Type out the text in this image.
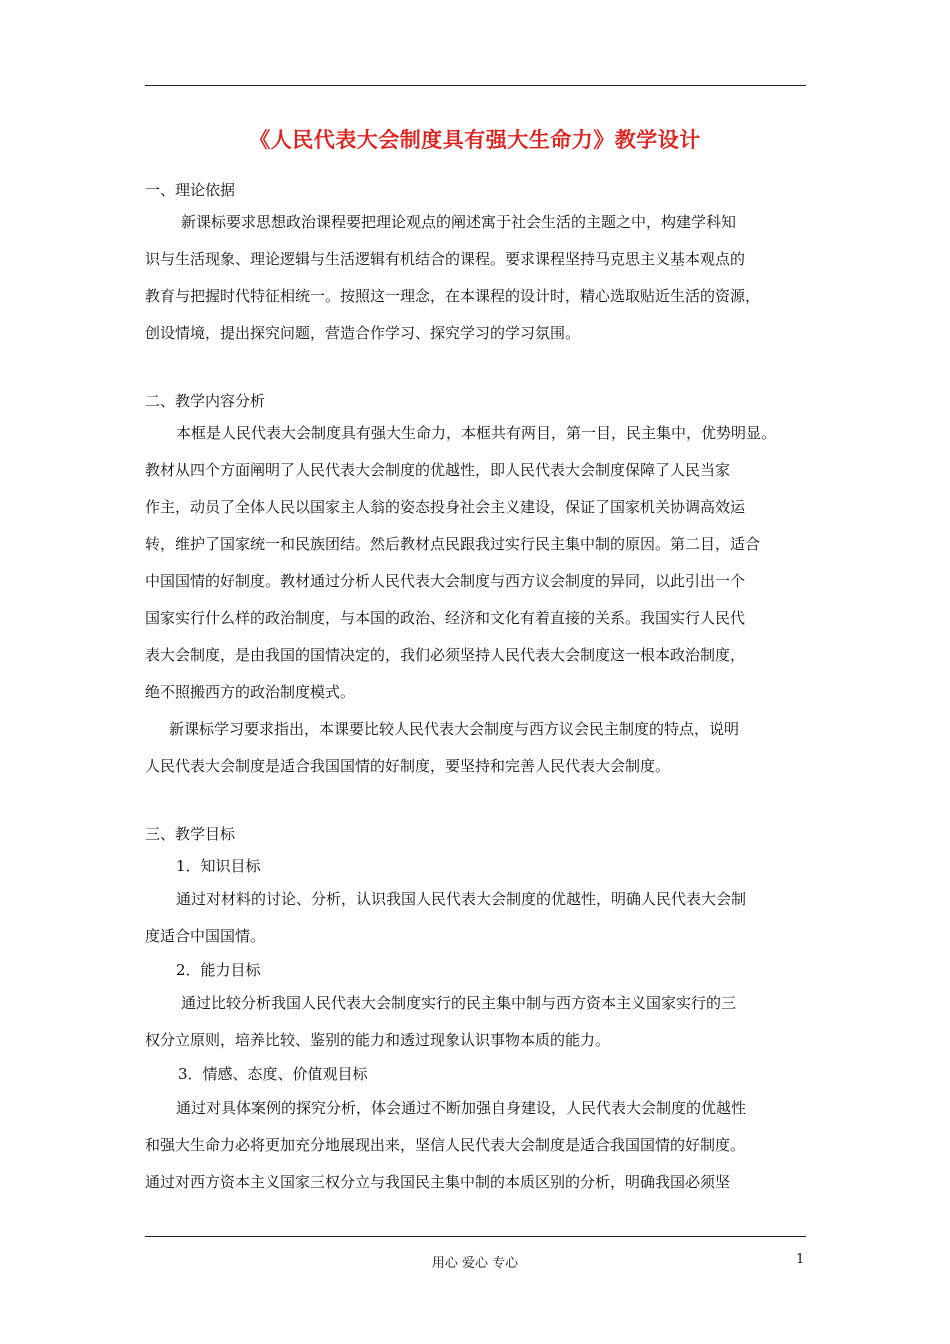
《人民代表大会制度具有强大生命力》教学设计
一、理论依据
新课标要求思想政治课程要把理论观点的阐述寓于社会生活的主题之中，构建学科知
识与生活现象、理论逻辑与生活逻辑有机结合的课程。要求课程坚持马克思主义基本观点的
教育与把握时代特征相统一。按照这一理念，在本课程的设计时，精心选取贴近生活的资源，
创设情境，提出探究问题，营造合作学习、探究学习的学习氛围。
二、教学内容分析
本框是人民代表大会制度具有强大生命力，本框共有两目，第一目，民主集中，优势明显。
教材从四个方面阐明了人民代表大会制度的优越性，即人民代表大会制度保障了人民当家
作主，动员了全体人民以国家主人翁的姿态投身社会主义建设，保证了国家机关协调高效运
转，维护了国家统一和民族团结。然后教材点民跟我过实行民主集中制的原因。第二目，适合
中国国情的好制度。教材通过分析人民代表大会制度与西方议会制度的异同，以此引出一个
国家实行什么样的政治制度，与本国的政治、经济和文化有着直接的关系。我国实行人民代
表大会制度，是由我国的国情决定的，我们必须坚持人民代表大会制度这一根本政治制度，
绝不照搬西方的政治制度模式。
新课标学习要求指出，本课要比较人民代表大会制度与西方议会民主制度的特点，说明
人民代表大会制度是适合我国国情的好制度，要坚持和完善人民代表大会制度。
三、教学目标
1．知识目标
通过对材料的讨论、分析，认识我国人民代表大会制度的优越性，明确人民代表大会制
度适合中国国情。
2．能力目标
通过比较分析我国人民代表大会制度实行的民主集中制与西方资本主义国家实行的三
权分立原则，培养比较、鉴别的能力和透过现象认识事物本质的能力。
3．情感、态度、价值观目标
通过对具体案例的探究分析，体会通过不断加强自身建设，人民代表大会制度的优越性
和强大生命力必将更加充分地展现出来，坚信人民代表大会制度是适合我国国情的好制度。
通过对西方资本主义国家三权分立与我国民主集中制的本质区别的分析，明确我国必须坚
用心 爱心 专心	1
